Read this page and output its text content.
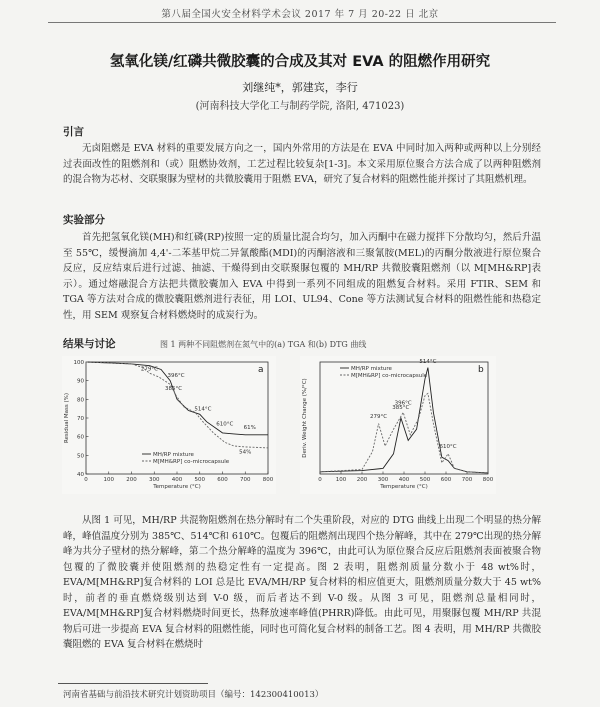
第八届全国火安全材料学术会议 2017 年 7 月 20-22 日 北京
氢氧化镁/红磷共微胶囊的合成及其对 EVA 的阻燃作用研究
刘继纯*，郭建宾，李行
(河南科技大学化工与制药学院, 洛阳, 471023)
引言
无卤阻燃是 EVA 材料的重要发展方向之一，国内外常用的方法是在 EVA 中同时加入两种或两种以上分别经过表面改性的阻燃剂和（或）阻燃协效剂，工艺过程比较复杂[1-3]。本文采用原位聚合方法合成了以两种阻燃剂的混合物为芯材、交联聚脲为壁材的共微胶囊用于阻燃 EVA，研究了复合材料的阻燃性能并探讨了其阻燃机理。
实验部分
首先把氢氧化镁(MH)和红磷(RP)按照一定的质量比混合均匀，加入丙酮中在磁力搅拌下分散均匀，然后升温至 55℃，缓慢滴加 4,4'-二苯基甲烷二异氰酸酯(MDI)的丙酮溶液和三聚氰胺(MEL)的丙酮分散液进行原位聚合反应，反应结束后进行过滤、抽滤、干燥得到由交联聚脲包覆的 MH/RP 共微胶囊阻燃剂（以 M[MH&RP]表示）。通过熔融混合方法把共微胶囊加入 EVA 中得到一系列不同组成的阻燃复合材料。采用 FTIR、SEM 和 TGA 等方法对合成的微胶囊阻燃剂进行表征，用 LOI、UL94、Cone 等方法测试复合材料的阻燃性能和热稳定性，用 SEM 观察复合材料燃烧时的成炭行为。
结果与讨论	图 1 两种不同阻燃剂在氮气中的(a) TGA 和(b) DTG 曲线
0	100 200 300 400 500 600 700 800
40
50
60
70
80
90
100
Temperature (°C)
Residual Mass (%)
MH/RP mixture
M[MH&RP] co-microcapsule
279°C
385°C
396°C
514°C
610°C
54%
61%
a
0	100 200 300 400 500 600 700 800
Temperature (°C)
Deriv. Weight Change (%/°C)
MH/RP mixture
M[MH&RP] co-microcapsule
279°C
385°C
396°C
514°C
610°C
b
从图 1 可见，MH/RP 共混物阻燃剂在热分解时有二个失重阶段，对应的 DTG 曲线上出现二个明显的热分解峰，峰值温度分别为 385℃、514℃和 610℃。包覆后的阻燃剂出现四个热分解峰，其中在 279℃出现的热分解峰为共分子壁材的热分解峰，第二个热分解峰的温度为 396℃，由此可认为原位聚合反应后阻燃剂表面被聚合物包覆的了微胶囊并使阻燃剂的热稳定性有一定提高。图 2 表明，阻燃剂质量分数小于 48 wt%时，EVA/M[MH&RP]复合材料的 LOI 总是比 EVA/MH/RP 复合材料的相应值更大，阻燃剂质量分数大于 45 wt%时，前者的垂直燃烧级别达到 V-0 级，而后者达不到 V-0 级。从图 3 可见，阻燃剂总量相同时，EVA/M[MH&RP]复合材料燃烧时间更长，热释放速率峰值(PHRR)降低。由此可见，用聚脲包覆 MH/RP 共混物后可进一步提高 EVA 复合材料的阻燃性能，同时也可简化复合材料的制备工艺。图 4 表明，用 MH/RP 共微胶囊阻燃的 EVA 复合材料在燃烧时
河南省基础与前沿技术研究计划资助项目（编号：142300410013）
